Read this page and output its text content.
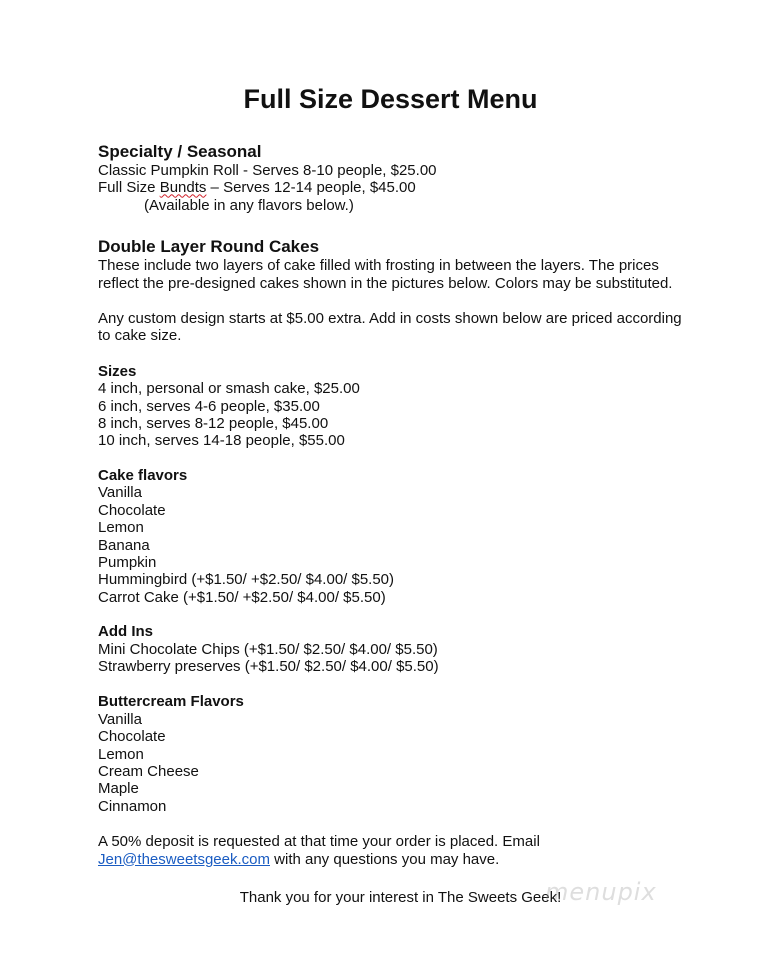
Full Size Dessert Menu
Specialty / Seasonal
Classic Pumpkin Roll - Serves 8-10 people, $25.00
Full Size Bundts – Serves 12-14 people, $45.00
(Available in any flavors below.)
Double Layer Round Cakes
These include two layers of cake filled with frosting in between the layers. The prices
reflect the pre-designed cakes shown in the pictures below. Colors may be substituted.
Any custom design starts at $5.00 extra. Add in costs shown below are priced according
to cake size.
Sizes
4 inch, personal or smash cake, $25.00
6 inch, serves 4-6 people, $35.00
8 inch, serves 8-12 people, $45.00
10 inch, serves 14-18 people, $55.00
Cake flavors
Vanilla
Chocolate
Lemon
Banana
Pumpkin
Hummingbird (+$1.50/ +$2.50/ $4.00/ $5.50)
Carrot Cake (+$1.50/ +$2.50/ $4.00/ $5.50)
Add Ins
Mini Chocolate Chips (+$1.50/ $2.50/ $4.00/ $5.50)
Strawberry preserves (+$1.50/ $2.50/ $4.00/ $5.50)
Buttercream Flavors
Vanilla
Chocolate
Lemon
Cream Cheese
Maple
Cinnamon
A 50% deposit is requested at that time your order is placed. Email
Jen@thesweetsgeek.com with any questions you may have.
Thank you for your interest in The Sweets Geek!
menupix
